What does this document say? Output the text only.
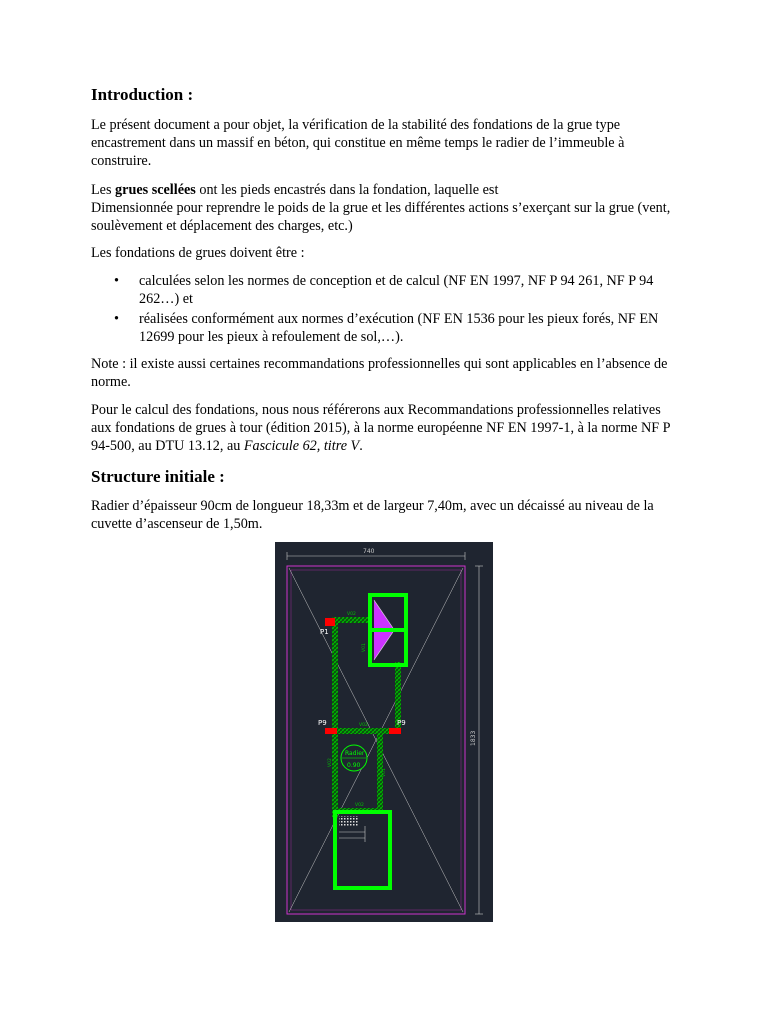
Introduction :

Le présent document a pour objet, la vérification de la stabilité des fondations de la grue type encastrement dans un massif en béton, qui constitue en même temps le radier de l’immeuble à construire.

Les grues scellées ont les pieds encastrés dans la fondation, laquelle est
Dimensionnée pour reprendre le poids de la grue et les différentes actions s’exerçant sur la grue (vent, soulèvement et déplacement des charges, etc.)

Les fondations de grues doivent être :

• calculées selon les normes de conception et de calcul (NF EN 1997, NF P 94 261, NF P 94 262…) et
• réalisées conformément aux normes d’exécution (NF EN 1536 pour les pieux forés, NF EN 12699 pour les pieux à refoulement de sol,…).

Note : il existe aussi certaines recommandations professionnelles qui sont applicables en l’absence de norme.

Pour le calcul des fondations, nous nous référerons aux Recommandations professionnelles relatives aux fondations de grues à tour (édition 2015), à la norme européenne NF EN 1997-1, à la norme NF P 94-500, au DTU 13.12, au Fascicule 62, titre V.

Structure initiale :

Radier d’épaisseur 90cm de longueur 18,33m et de largeur 7,40m, avec un décaissé au niveau de la cuvette d’ascenseur de 1,50m.

740
1833
Radier
0.90
P1
P9	P9
V02
V01
V02
V02
V01
V02
